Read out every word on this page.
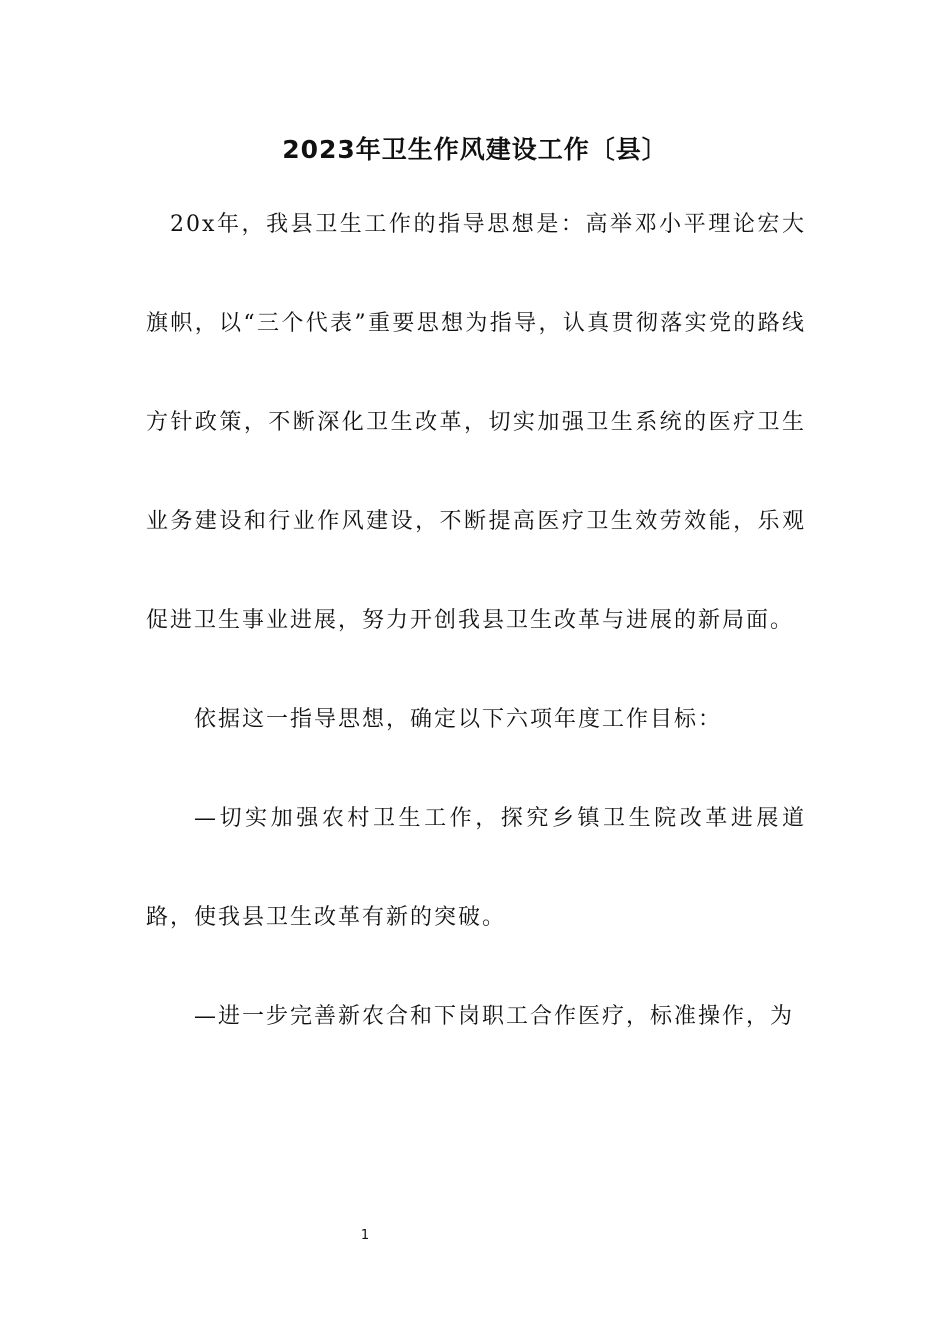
2023年卫生作风建设工作〔县〕

20x年，我县卫生工作的指导思想是：高举邓小平理论宏大旗帜，以“三个代表”重要思想为指导，认真贯彻落实党的路线方针政策，不断深化卫生改革，切实加强卫生系统的医疗卫生业务建设和行业作风建设，不断提高医疗卫生效劳效能，乐观促进卫生事业进展，努力开创我县卫生改革与进展的新局面。

依据这一指导思想，确定以下六项年度工作目标：

—切实加强农村卫生工作，探究乡镇卫生院改革进展道路，使我县卫生改革有新的突破。

—进一步完善新农合和下岗职工合作医疗，标准操作，为

1
